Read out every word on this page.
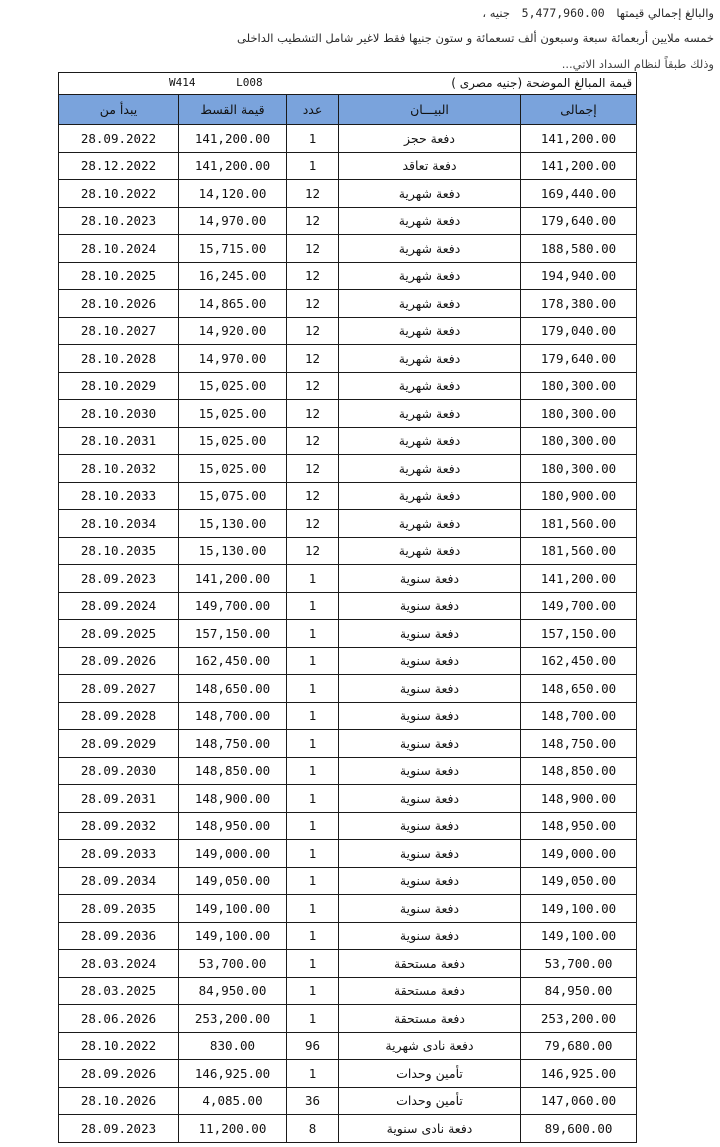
والبالغ إجمالي قيمتها 5,477,960.00 جنيه ،
خمسه ملايين أربعمائة سبعة وسبعون ألف تسعمائة و ستون جنيها فقط لاغير شامل التشطيب الداخلى
وذلك طبقاً لنظام السداد الاتي...
W414 L008 قيمة المبالغ الموضحة (جنيه مصرى )				

يبدأ من	قيمة القسط	عدد	البيـــان	إجمالى
28.09.2022	141,200.00	1	دفعة حجز	141,200.00
28.12.2022	141,200.00	1	دفعة تعاقد	141,200.00
28.10.2022	14,120.00	12	دفعة شهرية	169,440.00
28.10.2023	14,970.00	12	دفعة شهرية	179,640.00
28.10.2024	15,715.00	12	دفعة شهرية	188,580.00
28.10.2025	16,245.00	12	دفعة شهرية	194,940.00
28.10.2026	14,865.00	12	دفعة شهرية	178,380.00
28.10.2027	14,920.00	12	دفعة شهرية	179,040.00
28.10.2028	14,970.00	12	دفعة شهرية	179,640.00
28.10.2029	15,025.00	12	دفعة شهرية	180,300.00
28.10.2030	15,025.00	12	دفعة شهرية	180,300.00
28.10.2031	15,025.00	12	دفعة شهرية	180,300.00
28.10.2032	15,025.00	12	دفعة شهرية	180,300.00
28.10.2033	15,075.00	12	دفعة شهرية	180,900.00
28.10.2034	15,130.00	12	دفعة شهرية	181,560.00
28.10.2035	15,130.00	12	دفعة شهرية	181,560.00
28.09.2023	141,200.00	1	دفعة سنوية	141,200.00
28.09.2024	149,700.00	1	دفعة سنوية	149,700.00
28.09.2025	157,150.00	1	دفعة سنوية	157,150.00
28.09.2026	162,450.00	1	دفعة سنوية	162,450.00
28.09.2027	148,650.00	1	دفعة سنوية	148,650.00
28.09.2028	148,700.00	1	دفعة سنوية	148,700.00
28.09.2029	148,750.00	1	دفعة سنوية	148,750.00
28.09.2030	148,850.00	1	دفعة سنوية	148,850.00
28.09.2031	148,900.00	1	دفعة سنوية	148,900.00
28.09.2032	148,950.00	1	دفعة سنوية	148,950.00
28.09.2033	149,000.00	1	دفعة سنوية	149,000.00
28.09.2034	149,050.00	1	دفعة سنوية	149,050.00
28.09.2035	149,100.00	1	دفعة سنوية	149,100.00
28.09.2036	149,100.00	1	دفعة سنوية	149,100.00
28.03.2024	53,700.00	1	دفعة مستحقة	53,700.00
28.03.2025	84,950.00	1	دفعة مستحقة	84,950.00
28.06.2026	253,200.00	1	دفعة مستحقة	253,200.00
28.10.2022	830.00	96	دفعة نادى شهرية	79,680.00
28.09.2026	146,925.00	1	تأمين وحدات	146,925.00
28.10.2026	4,085.00	36	تأمين وحدات	147,060.00
28.09.2023	11,200.00	8	دفعة نادى سنوية	89,600.00
